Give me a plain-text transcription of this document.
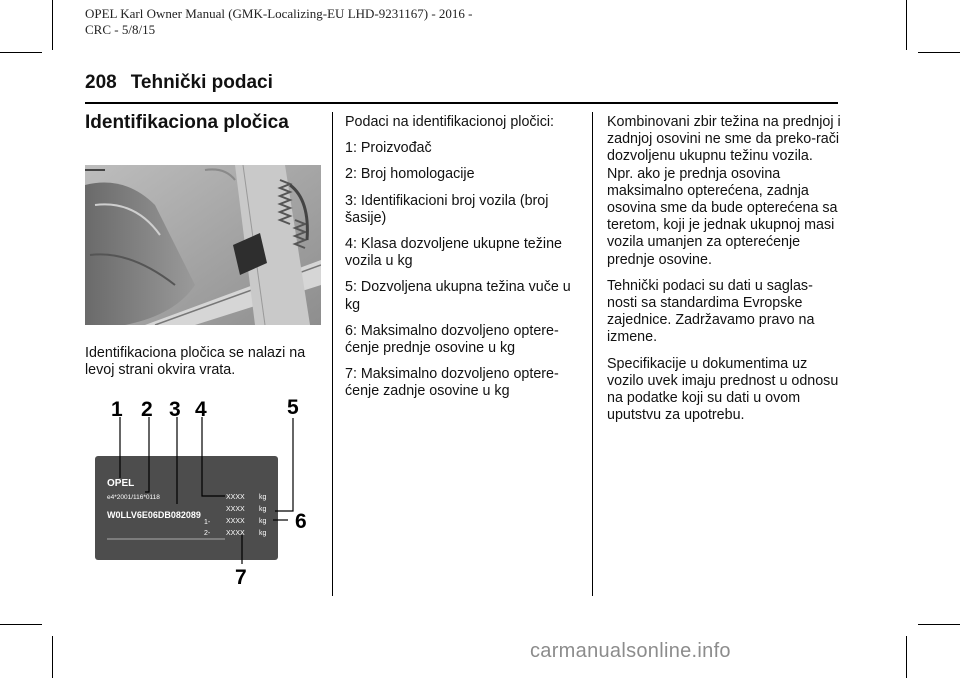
OPEL Karl Owner Manual (GMK-Localizing-EU LHD-9231167) - 2016 -
CRC - 5/8/15
208 Tehnički podaci
Identifikaciona pločica
Identifikaciona pločica se nalazi na levoj strani okvira vrata.
1 2 3 4	5
6
7
OPEL
e4*2001/116*0118
W0LLV6E06DB082089
XXXX
XXXX
XXXX
XXXX
kg
kg
kg
kg
1-
2-

Podaci na identifikacionoj pločici:

1: Proizvođač

2: Broj homologacije

3: Identifikacioni broj vozila (broj šasije)

4: Klasa dozvoljene ukupne težine vozila u kg

5: Dozvoljena ukupna težina vuče u kg

6: Maksimalno dozvoljeno optere-ćenje prednje osovine u kg

7: Maksimalno dozvoljeno optere-ćenje zadnje osovine u kg

Kombinovani zbir težina na prednjoj i zadnjoj osovini ne sme da preko-rači dozvoljenu ukupnu težinu vozila. Npr. ako je prednja osovina maksimalno opterećena, zadnja osovina sme da bude opterećena sa teretom, koji je jednak ukupnoj masi vozila umanjen za opterećenje prednje osovine.

Tehnički podaci su dati u saglas-nosti sa standardima Evropske zajednice. Zadržavamo pravo na izmene.

Specifikacije u dokumentima uz vozilo uvek imaju prednost u odnosu na podatke koji su dati u ovom uputstvu za upotrebu.

carmanualsonline.info
